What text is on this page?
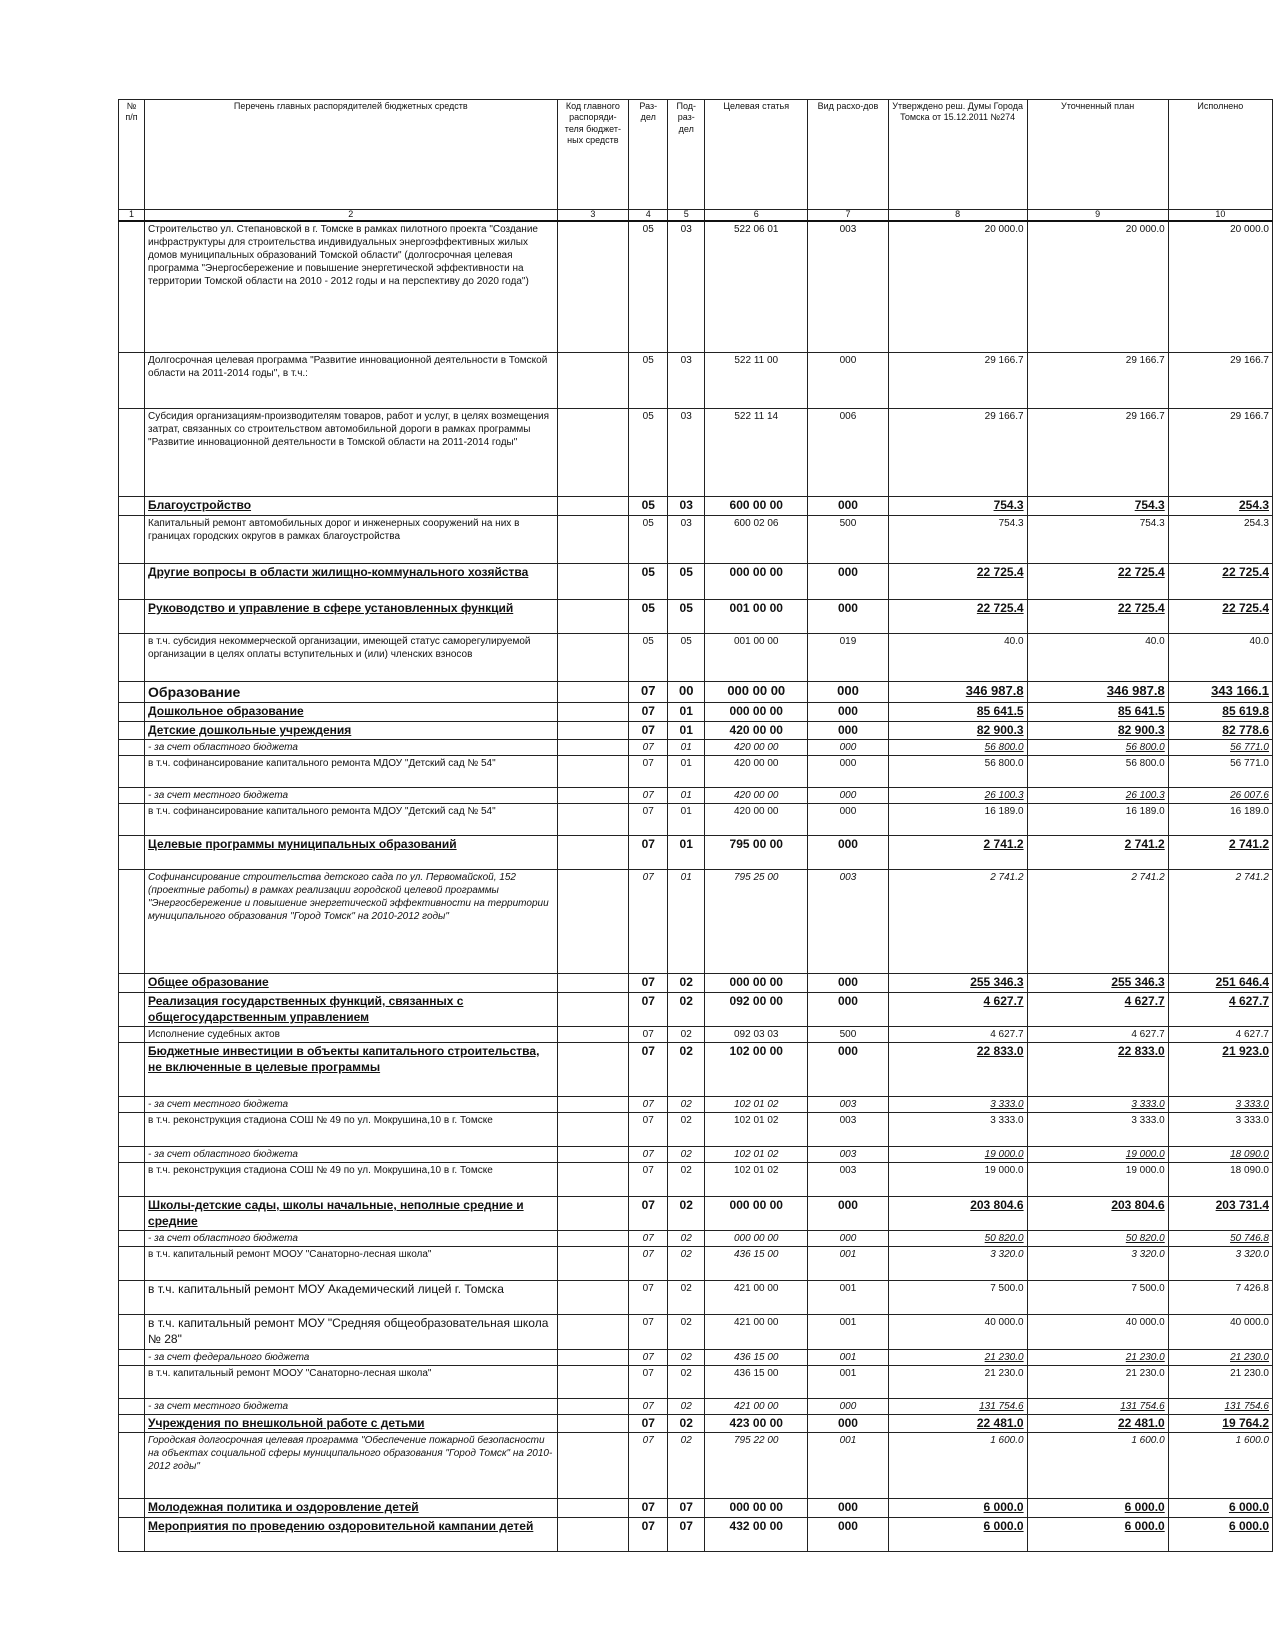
№ п/п	Перечень главных распорядителей бюджетных средств	Код главного распоряди-теля бюджет-ных средств	Раз-дел	Под-раз-дел	Целевая статья	Вид расхо-дов	Утверждено реш. Думы Города Томска от 15.12.2011 №274	Уточненный план	Исполнено
1	2	3	4	5	6	7	8	9	10
	Строительство ул. Степановской в г. Томске в рамках пилотного проекта "Создание инфраструктуры для строительства индивидуальных энергоэффективных жилых домов муниципальных образований Томской области" (долгосрочная целевая программа "Энергосбережение и повышение энергетической эффективности на территории Томской области на 2010 - 2012 годы и на перспективу до 2020 года")		05	03	522 06 01	003	20 000.0	20 000.0	20 000.0
	Долгосрочная целевая программа "Развитие инновационной деятельности в Томской области на 2011-2014 годы", в т.ч.:		05	03	522 11 00	000	29 166.7	29 166.7	29 166.7
	Субсидия организациям-производителям товаров, работ и услуг, в целях возмещения затрат, связанных со строительством автомобильной дороги в рамках программы "Развитие инновационной деятельности в Томской области на 2011-2014 годы"		05	03	522 11 14	006	29 166.7	29 166.7	29 166.7
	Благоустройство		05	03	600 00 00	000	754.3	754.3	254.3
	Капитальный ремонт автомобильных дорог и инженерных сооружений на них в границах городских округов в рамках благоустройства		05	03	600 02 06	500	754.3	754.3	254.3
	Другие вопросы в области жилищно-коммунального хозяйства		05	05	000 00 00	000	22 725.4	22 725.4	22 725.4
	Руководство и управление в сфере установленных функций		05	05	001 00 00	000	22 725.4	22 725.4	22 725.4
	в т.ч. субсидия некоммерческой организации, имеющей статус саморегулируемой организации в целях оплаты вступительных и (или) членских взносов		05	05	001 00 00	019	40.0	40.0	40.0
	Образование		07	00	000 00 00	000	346 987.8	346 987.8	343 166.1
	Дошкольное образование		07	01	000 00 00	000	85 641.5	85 641.5	85 619.8
	Детские дошкольные учреждения		07	01	420 00 00	000	82 900.3	82 900.3	82 778.6
	- за счет областного бюджета		07	01	420 00 00	000	56 800.0	56 800.0	56 771.0
	в т.ч. софинансирование капитального ремонта МДОУ "Детский сад № 54"		07	01	420 00 00	000	56 800.0	56 800.0	56 771.0
	- за счет местного бюджета		07	01	420 00 00	000	26 100.3	26 100.3	26 007.6
	в т.ч. софинансирование капитального ремонта МДОУ "Детский сад № 54"		07	01	420 00 00	000	16 189.0	16 189.0	16 189.0
	Целевые программы муниципальных образований		07	01	795 00 00	000	2 741.2	2 741.2	2 741.2
	Софинансирование строительства детского сада по ул. Первомайской, 152 (проектные работы) в рамках реализации городской целевой программы "Энергосбережение и повышение энергетической эффективности на территории муниципального образования "Город Томск" на 2010-2012 годы"		07	01	795 25 00	003	2 741.2	2 741.2	2 741.2
	Общее образование		07	02	000 00 00	000	255 346.3	255 346.3	251 646.4
	Реализация государственных функций, связанных с общегосударственным управлением		07	02	092 00 00	000	4 627.7	4 627.7	4 627.7
	Исполнение судебных актов		07	02	092 03 03	500	4 627.7	4 627.7	4 627.7
	Бюджетные инвестиции в объекты капитального строительства, не включенные в целевые программы		07	02	102 00 00	000	22 833.0	22 833.0	21 923.0
	- за счет местного бюджета		07	02	102 01 02	003	3 333.0	3 333.0	3 333.0
	в т.ч. реконструкция стадиона СОШ № 49 по ул. Мокрушина,10 в г. Томске		07	02	102 01 02	003	3 333.0	3 333.0	3 333.0
	- за счет областного бюджета		07	02	102 01 02	003	19 000.0	19 000.0	18 090.0
	в т.ч. реконструкция стадиона СОШ № 49 по ул. Мокрушина,10 в г. Томске		07	02	102 01 02	003	19 000.0	19 000.0	18 090.0
	Школы-детские сады, школы начальные, неполные средние и средние		07	02	000 00 00	000	203 804.6	203 804.6	203 731.4
	- за счет областного бюджета		07	02	000 00 00	000	50 820.0	50 820.0	50 746.8
	в т.ч. капитальный ремонт МООУ "Санаторно-лесная школа"		07	02	436 15 00	001	3 320.0	3 320.0	3 320.0
	в т.ч. капитальный ремонт МОУ Академический лицей г. Томска		07	02	421 00 00	001	7 500.0	7 500.0	7 426.8
	в т.ч. капитальный ремонт МОУ "Средняя общеобразовательная школа № 28"		07	02	421 00 00	001	40 000.0	40 000.0	40 000.0
	- за счет федерального бюджета		07	02	436 15 00	001	21 230.0	21 230.0	21 230.0
	в т.ч. капитальный ремонт МООУ "Санаторно-лесная школа"		07	02	436 15 00	001	21 230.0	21 230.0	21 230.0
	- за счет местного бюджета		07	02	421 00 00	000	131 754.6	131 754.6	131 754.6
	Учреждения по внешкольной работе с детьми		07	02	423 00 00	000	22 481.0	22 481.0	19 764.2
	Городская долгосрочная целевая программа "Обеспечение пожарной безопасности на объектах социальной сферы муниципального образования "Город Томск" на 2010-2012 годы"		07	02	795 22 00	001	1 600.0	1 600.0	1 600.0
	Молодежная политика и оздоровление детей		07	07	000 00 00	000	6 000.0	6 000.0	6 000.0
	Мероприятия по проведению оздоровительной кампании детей		07	07	432 00 00	000	6 000.0	6 000.0	6 000.0
